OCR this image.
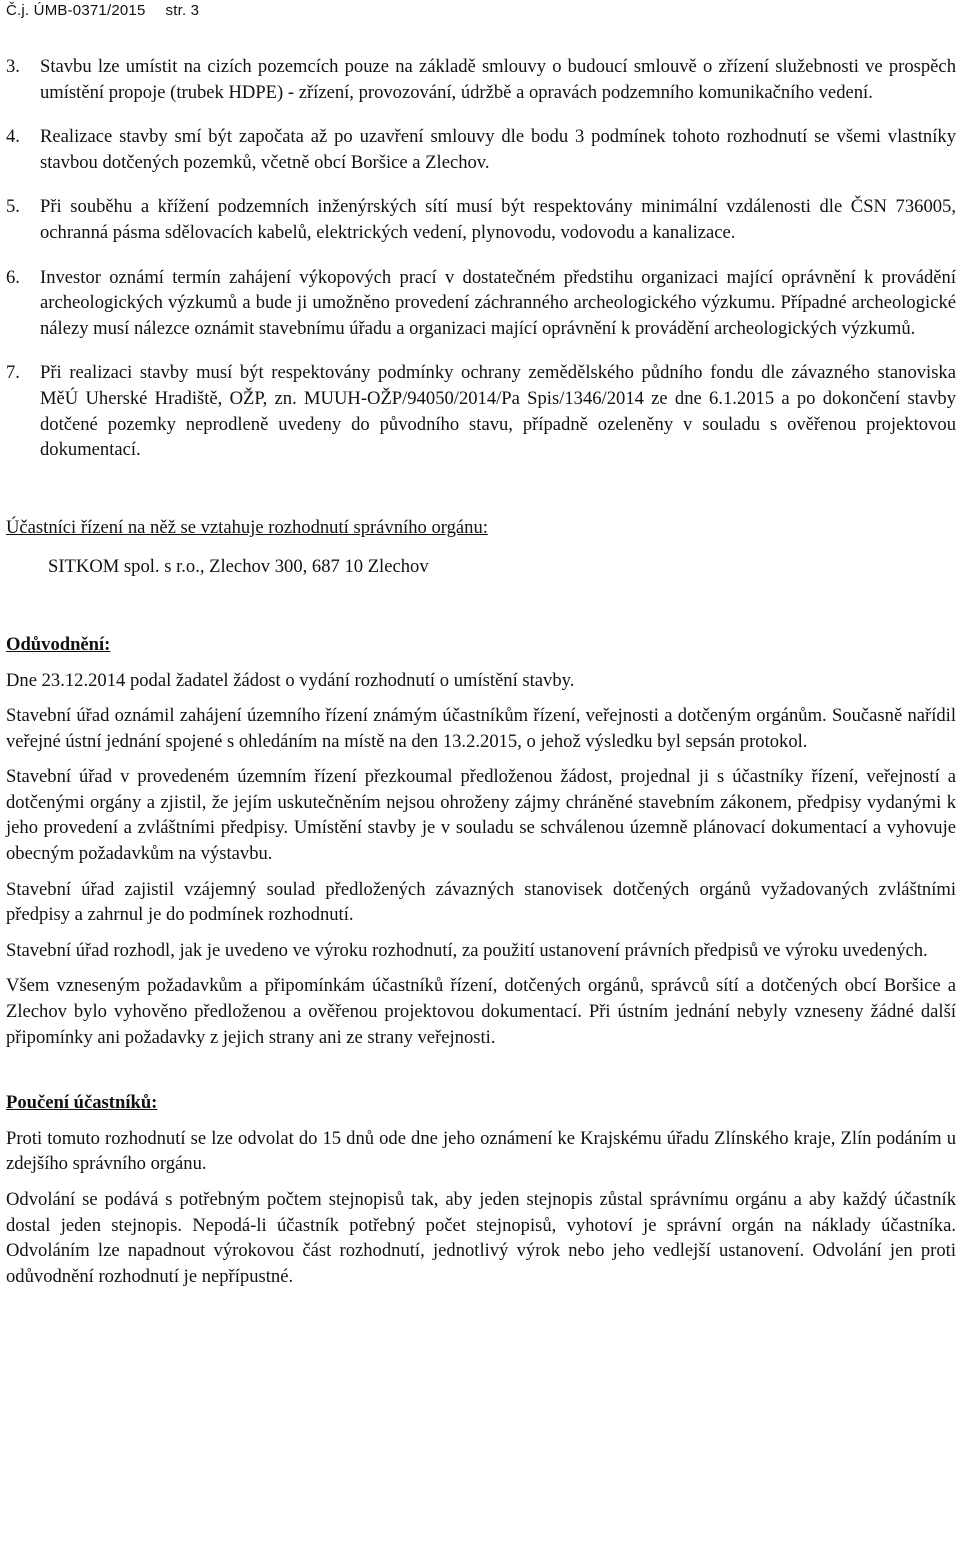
Č.j. ÚMB-0371/2015 str. 3
3. Stavbu lze umístit na cizích pozemcích pouze na základě smlouvy o budoucí smlouvě o zřízení služebnosti ve prospěch umístění propoje (trubek HDPE) - zřízení, provozování, údržbě a opravách podzemního komunikačního vedení.
4. Realizace stavby smí být započata až po uzavření smlouvy dle bodu 3 podmínek tohoto rozhodnutí se všemi vlastníky stavbou dotčených pozemků, včetně obcí Boršice a Zlechov.
5. Při souběhu a křížení podzemních inženýrských sítí musí být respektovány minimální vzdálenosti dle ČSN 736005, ochranná pásma sdělovacích kabelů, elektrických vedení, plynovodu, vodovodu a kanalizace.
6. Investor oznámí termín zahájení výkopových prací v dostatečném předstihu organizaci mající oprávnění k provádění archeologických výzkumů a bude ji umožněno provedení záchranného archeologického výzkumu. Případné archeologické nálezy musí nálezce oznámit stavebnímu úřadu a organizaci mající oprávnění k provádění archeologických výzkumů.
7. Při realizaci stavby musí být respektovány podmínky ochrany zemědělského půdního fondu dle závazného stanoviska MěÚ Uherské Hradiště, OŽP, zn. MUUH-OŽP/94050/2014/Pa Spis/1346/2014 ze dne 6.1.2015 a po dokončení stavby dotčené pozemky neprodleně uvedeny do původního stavu, případně ozeleněny v souladu s ověřenou projektovou dokumentací.

Účastníci řízení na něž se vztahuje rozhodnutí správního orgánu:

SITKOM spol. s r.o., Zlechov 300, 687 10 Zlechov

Odůvodnění:

Dne 23.12.2014 podal žadatel žádost o vydání rozhodnutí o umístění stavby.

Stavební úřad oznámil zahájení územního řízení známým účastníkům řízení, veřejnosti a dotčeným orgánům. Současně nařídil veřejné ústní jednání spojené s ohledáním na místě na den 13.2.2015, o jehož výsledku byl sepsán protokol.

Stavební úřad v provedeném územním řízení přezkoumal předloženou žádost, projednal ji s účastníky řízení, veřejností a dotčenými orgány a zjistil, že jejím uskutečněním nejsou ohroženy zájmy chráněné stavebním zákonem, předpisy vydanými k jeho provedení a zvláštními předpisy. Umístění stavby je v souladu se schválenou územně plánovací dokumentací a vyhovuje obecným požadavkům na výstavbu.

Stavební úřad zajistil vzájemný soulad předložených závazných stanovisek dotčených orgánů vyžadovaných zvláštními předpisy a zahrnul je do podmínek rozhodnutí.

Stavební úřad rozhodl, jak je uvedeno ve výroku rozhodnutí, za použití ustanovení právních předpisů ve výroku uvedených.

Všem vzneseným požadavkům a připomínkám účastníků řízení, dotčených orgánů, správců sítí a dotčených obcí Boršice a Zlechov bylo vyhověno předloženou a ověřenou projektovou dokumentací. Při ústním jednání nebyly vzneseny žádné další připomínky ani požadavky z jejich strany ani ze strany veřejnosti.

Poučení účastníků:

Proti tomuto rozhodnutí se lze odvolat do 15 dnů ode dne jeho oznámení ke Krajskému úřadu Zlínského kraje, Zlín podáním u zdejšího správního orgánu.

Odvolání se podává s potřebným počtem stejnopisů tak, aby jeden stejnopis zůstal správnímu orgánu a aby každý účastník dostal jeden stejnopis. Nepodá-li účastník potřebný počet stejnopisů, vyhotoví je správní orgán na náklady účastníka. Odvoláním lze napadnout výrokovou část rozhodnutí, jednotlivý výrok nebo jeho vedlejší ustanovení. Odvolání jen proti odůvodnění rozhodnutí je nepřípustné.
